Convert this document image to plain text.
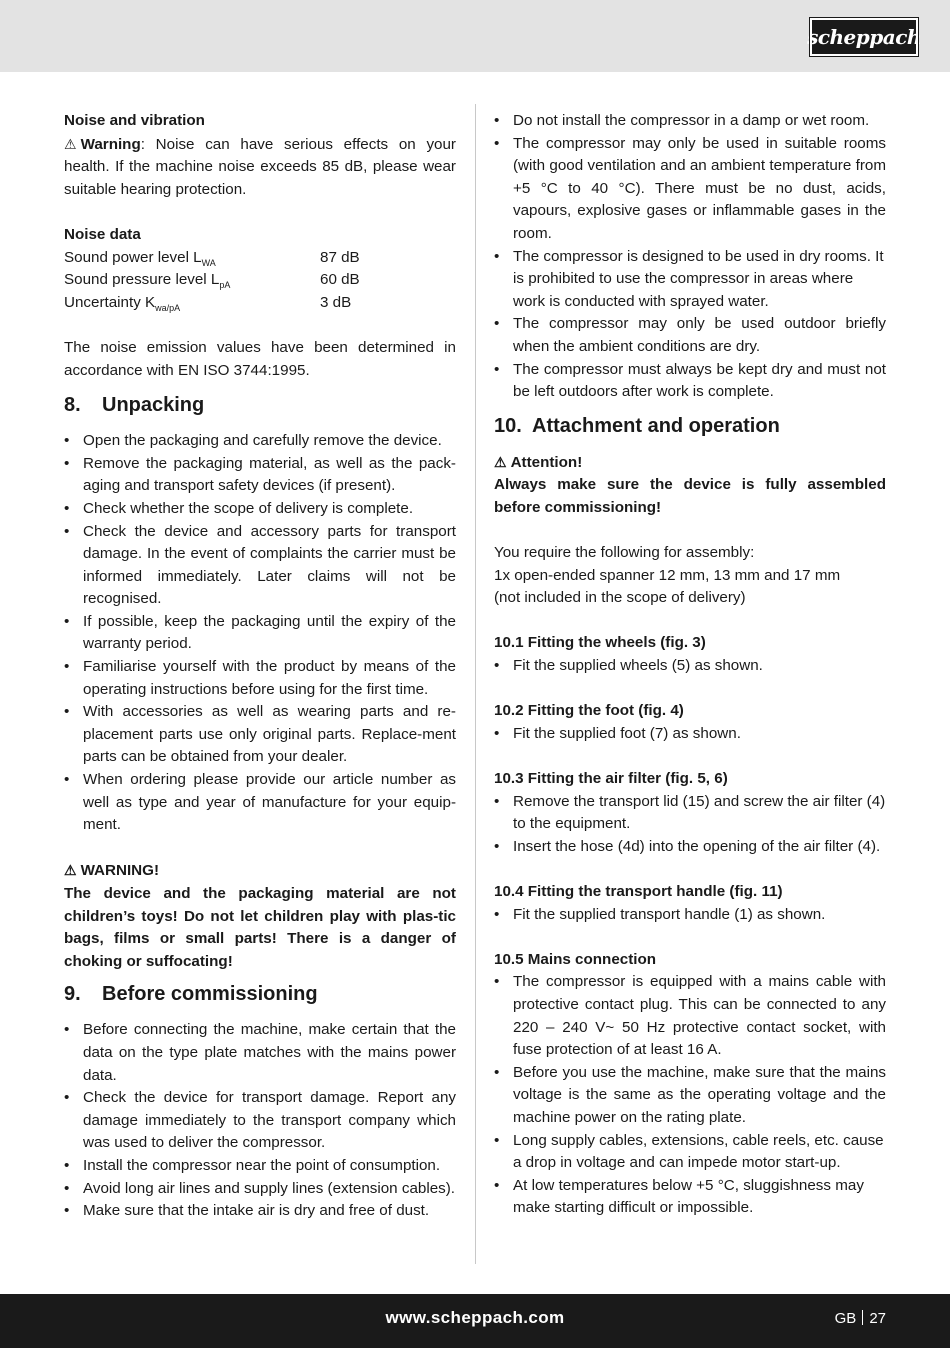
scheppach

Noise and vibration

⚠ Warning: Noise can have serious effects on your health. If the machine noise exceeds 85 dB, please wear suitable hearing protection.

Noise data

Sound power level $L_{WA}$	87 dB
Sound pressure level $L_{pA}$	60 dB
Uncertainty $K_{wa/pA}$	3 dB

The noise emission values have been determined in accordance with EN ISO 3744:1995.

8.	Unpacking
• Open the packaging and carefully remove the device.
• Remove the packaging material, as well as the pack-aging and transport safety devices (if present).
• Check whether the scope of delivery is complete.
• Check the device and accessory parts for transport damage. In the event of complaints the carrier must be informed immediately. Later claims will not be recognised.
• If possible, keep the packaging until the expiry of the warranty period.
• Familiarise yourself with the product by means of the operating instructions before using for the first time.
• With accessories as well as wearing parts and re-placement parts use only original parts. Replace-ment parts can be obtained from your dealer.
• When ordering please provide our article number as well as type and year of manufacture for your equip-ment.

⚠ WARNING!

The device and the packaging material are not children’s toys! Do not let children play with plas-tic bags, films or small parts! There is a danger of choking or suffocating!

9.	Before commissioning
• Before connecting the machine, make certain that the data on the type plate matches with the mains power data.
• Check the device for transport damage. Report any damage immediately to the transport company which was used to deliver the compressor.
• Install the compressor near the point of consumption.
• Avoid long air lines and supply lines (extension cables).
• Make sure that the intake air is dry and free of dust.
• Do not install the compressor in a damp or wet room.
• The compressor may only be used in suitable rooms (with good ventilation and an ambient temperature from +5 °C to 40 °C). There must be no dust, acids, vapours, explosive gases or inflammable gases in the room.
• The compressor is designed to be used in dry rooms. It is prohibited to use the compressor in areas where work is conducted with sprayed water.
• The compressor may only be used outdoor briefly when the ambient conditions are dry.
• The compressor must always be kept dry and must not be left outdoors after work is complete.
10. Attachment and operation

⚠ Attention!

Always make sure the device is fully assembled before commissioning!

You require the following for assembly:

1x open-ended spanner 12 mm, 13 mm and 17 mm

(not included in the scope of delivery)

10.1 Fitting the wheels (fig. 3)

• Fit the supplied wheels (5) as shown.

10.2 Fitting the foot (fig. 4)

• Fit the supplied foot (7) as shown.

10.3 Fitting the air filter (fig. 5, 6)

• Remove the transport lid (15) and screw the air filter (4) to the equipment.
• Insert the hose (4d) into the opening of the air filter (4).

10.4 Fitting the transport handle (fig. 11)

• Fit the supplied transport handle (1) as shown.

10.5 Mains connection

• The compressor is equipped with a mains cable with protective contact plug. This can be connected to any 220 – 240 V~ 50 Hz protective contact socket, with fuse protection of at least 16 A.
• Before you use the machine, make sure that the mains voltage is the same as the operating voltage and the machine power on the rating plate.
• Long supply cables, extensions, cable reels, etc. cause a drop in voltage and can impede motor start-up.
• At low temperatures below +5 °C, sluggishness may make starting difficult or impossible.
www.scheppach.com	GB 27
